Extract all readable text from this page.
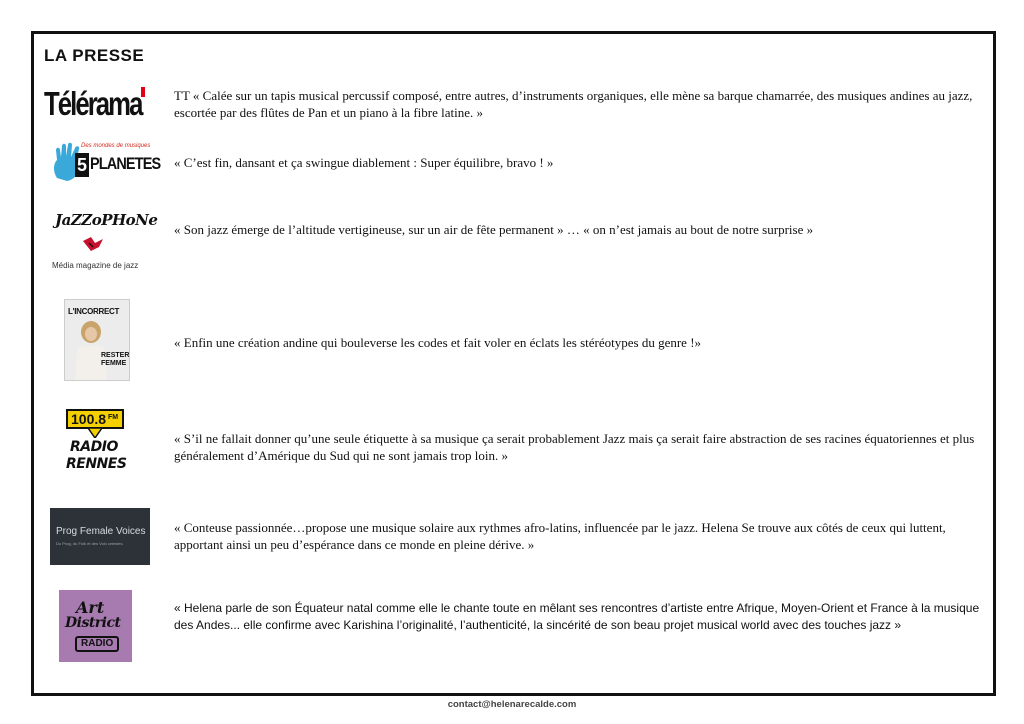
LA PRESSE
Télérama	TT « Calée sur un tapis musical percussif composé, entre autres, d’instruments organiques, elle mène sa barque chamarrée, des musiques andines au jazz, escortée par des flûtes de Pan et un piano à la fibre latine. »
Des mondes de musiques
5 PLANETES « C’est fin, dansant et ça swingue diablement : Super équilibre, bravo ! »
JaZZoPHoNe
Média magazine de jazz
« Son jazz émerge de l’altitude vertigineuse, sur un air de fête permanent » … « on n’est jamais au bout de notre surprise »
L'INCORRECT
RESTER FEMME
« Enfin une création andine qui bouleverse les codes et fait voler en éclats les stéréotypes du genre !»
100.8 FM
RADIO
RENNES
« S’il ne fallait donner qu’une seule étiquette à sa musique ça serait probablement Jazz mais ça serait faire abstraction de ses racines équatoriennes et plus généralement d’Amérique du Sud qui ne sont jamais trop loin. »
Prog Female Voices
Du Prog, du Folk et des Voix celestes.
« Conteuse passionnée…propose une musique solaire aux rythmes afro-latins, influencée par le jazz. Helena Se trouve aux côtés de ceux qui luttent, apportant ainsi un peu d’espérance dans ce monde en pleine dérive. »
Art
District
RADIO
« Helena parle de son Équateur natal comme elle le chante toute en mêlant ses rencontres d’artiste entre Afrique, Moyen-Orient et France à la musique des Andes... elle confirme avec Karishina l’originalité, l’authenticité, la sincérité de son beau projet musical world avec des touches jazz »
contact@helenarecalde.com
